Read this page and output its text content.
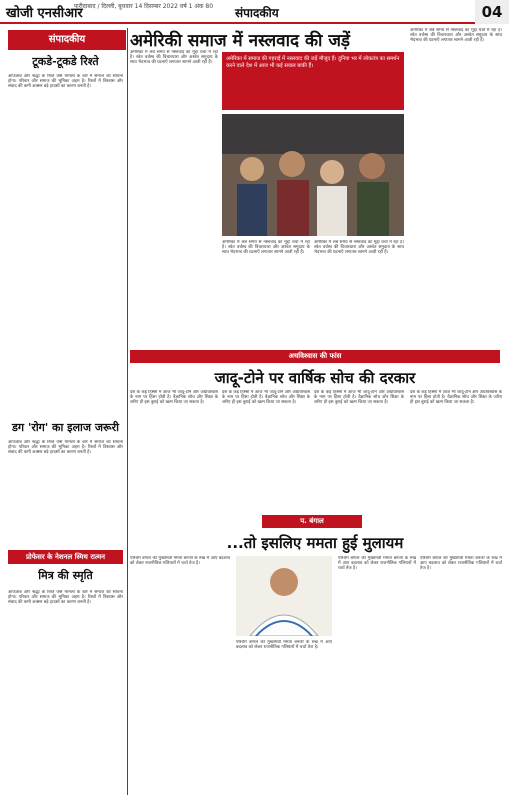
खोजी एनसीआर
फरीदाबाद / दिल्ली, बुधवार 14 दिसम्बर 2022 वर्ष 1 अंक 80	संपादकीय	04
संपादकीय
टूकडे-टूकडे रिश्ते

आफताब और श्रद्धा के रिश्ते जैसे मामलों के बारे में समाज को सोचना होगा। परिवार और समाज की भूमिका अहम है। रिश्तों में विश्वास और संवाद की कमी अक्सर बड़े हादसों का कारण बनती है।

डग 'रोग' का इलाज जरूरी

आफताब और श्रद्धा के रिश्ते जैसे मामलों के बारे में समाज को सोचना होगा। परिवार और समाज की भूमिका अहम है। रिश्तों में विश्वास और संवाद की कमी अक्सर बड़े हादसों का कारण बनती है।

प्रोफेसर के नेशनल स्मिथ रात्मन
मित्र की स्मृति

आफताब और श्रद्धा के रिश्ते जैसे मामलों के बारे में समाज को सोचना होगा। परिवार और समाज की भूमिका अहम है। रिश्तों में विश्वास और संवाद की कमी अक्सर बड़े हादसों का कारण बनती है।

अमेरिकी समाज में नस्लवाद की जड़ें

अमेरिका में लंबे समय से नस्लवाद का मुद्दा चर्चा में रहा है। श्वेत वर्चस्व की विचारधारा और अश्वेत समुदाय के साथ भेदभाव की घटनाएँ लगातार सामने आती रही हैं।

अमेरिका में समाज की गहराई में नस्लवाद की जड़ें मौजूद हैं। दुनिया भर में लोकतंत्र का समर्थन करने वाले देश में आज भी कई सवाल बाकी हैं।

अमेरिका में लंबे समय से नस्लवाद का मुद्दा चर्चा में रहा है। श्वेत वर्चस्व की विचारधारा और अश्वेत समुदाय के साथ भेदभाव की घटनाएँ लगातार सामने आती रही हैं।

अमेरिका में लंबे समय से नस्लवाद का मुद्दा चर्चा में रहा है। श्वेत वर्चस्व की विचारधारा और अश्वेत समुदाय के साथ भेदभाव की घटनाएँ लगातार सामने आती रही हैं।

अमेरिका में लंबे समय से नस्लवाद का मुद्दा चर्चा में रहा है। श्वेत वर्चस्व की विचारधारा और अश्वेत समुदाय के साथ भेदभाव की घटनाएँ लगातार सामने आती रही हैं।

अधविश्वास की फांस
जादू-टोने पर वार्षिक सोच की दरकार

देश के कई हिस्सों में आज भी जादू-टोने और अंधविश्वास के नाम पर हिंसा होती है। वैज्ञानिक सोच और शिक्षा के जरिए ही इस बुराई को खत्म किया जा सकता है।

देश के कई हिस्सों में आज भी जादू-टोने और अंधविश्वास के नाम पर हिंसा होती है। वैज्ञानिक सोच और शिक्षा के जरिए ही इस बुराई को खत्म किया जा सकता है।

देश के कई हिस्सों में आज भी जादू-टोने और अंधविश्वास के नाम पर हिंसा होती है। वैज्ञानिक सोच और शिक्षा के जरिए ही इस बुराई को खत्म किया जा सकता है।

देश के कई हिस्सों में आज भी जादू-टोने और अंधविश्वास के नाम पर हिंसा होती है। वैज्ञानिक सोच और शिक्षा के जरिए ही इस बुराई को खत्म किया जा सकता है।

प. बंगाल
...तो इसलिए ममता हुई मुलायम

पश्चिम बंगाल की मुख्यमंत्री ममता बनर्जी के रुख में आए बदलाव को लेकर राजनीतिक गलियारों में चर्चा तेज है।

पश्चिम बंगाल की मुख्यमंत्री ममता बनर्जी के रुख में आए बदलाव को लेकर राजनीतिक गलियारों में चर्चा तेज है।

पश्चिम बंगाल की मुख्यमंत्री ममता बनर्जी के रुख में आए बदलाव को लेकर राजनीतिक गलियारों में चर्चा तेज है।

पश्चिम बंगाल की मुख्यमंत्री ममता बनर्जी के रुख में आए बदलाव को लेकर राजनीतिक गलियारों में चर्चा तेज है।
